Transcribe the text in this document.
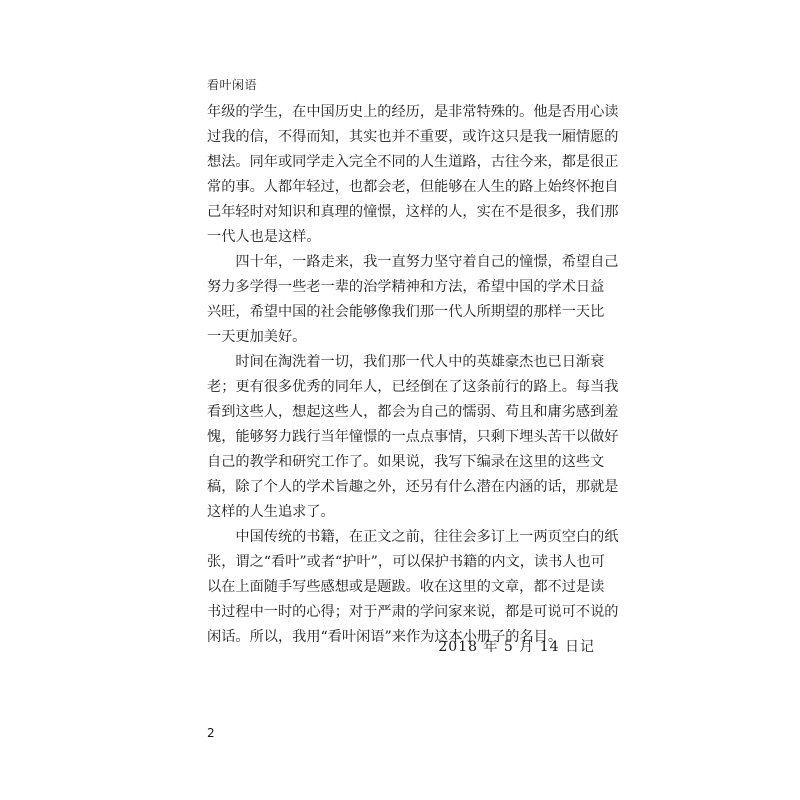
看叶闲语

年级的学生，在中国历史上的经历，是非常特殊的。他是否用心读
过我的信，不得而知，其实也并不重要，或许这只是我一厢情愿的
想法。同年或同学走入完全不同的人生道路，古往今来，都是很正
常的事。人都年轻过，也都会老，但能够在人生的路上始终怀抱自
己年轻时对知识和真理的憧憬，这样的人，实在不是很多，我们那
一代人也是这样。

　　四十年，一路走来，我一直努力坚守着自己的憧憬，希望自己
努力多学得一些老一辈的治学精神和方法，希望中国的学术日益
兴旺，希望中国的社会能够像我们那一代人所期望的那样一天比
一天更加美好。

　　时间在淘洗着一切，我们那一代人中的英雄豪杰也已日渐衰
老；更有很多优秀的同年人，已经倒在了这条前行的路上。每当我
看到这些人，想起这些人，都会为自己的懦弱、苟且和庸劣感到羞
愧，能够努力践行当年憧憬的一点点事情，只剩下埋头苦干以做好
自己的教学和研究工作了。如果说，我写下编录在这里的这些文
稿，除了个人的学术旨趣之外，还另有什么潜在内涵的话，那就是
这样的人生追求了。

　　中国传统的书籍，在正文之前，往往会多订上一两页空白的纸
张，谓之“看叶”或者“护叶”，可以保护书籍的内文，读书人也可
以在上面随手写些感想或是题跋。收在这里的文章，都不过是读
书过程中一时的心得；对于严肃的学问家来说，都是可说可不说的
闲话。所以，我用“看叶闲语”来作为这本小册子的名目。

2018 年 5 月 14 日记
2
